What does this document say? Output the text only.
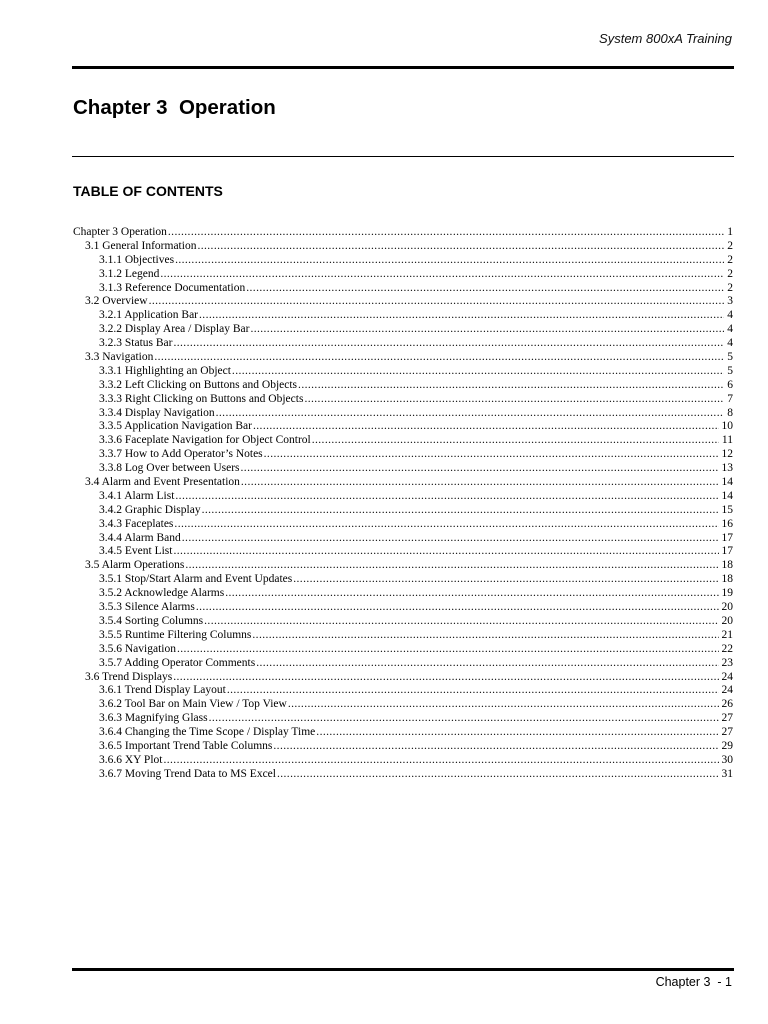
System 800xA Training
Chapter 3  Operation
TABLE OF CONTENTS
Chapter 3 Operation .....	1
3.1 General Information .....	2
3.1.1 Objectives .....	2
3.1.2 Legend .....	2
3.1.3 Reference Documentation .....	2
3.2 Overview .....	3
3.2.1 Application Bar .....	4
3.2.2 Display Area / Display Bar .....	4
3.2.3 Status Bar .....	4
3.3 Navigation .....	5
3.3.1 Highlighting an Object .....	5
3.3.2 Left Clicking on Buttons and Objects .....	6
3.3.3 Right Clicking on Buttons and Objects .....	7
3.3.4 Display Navigation .....	8
3.3.5 Application Navigation Bar .....	10
3.3.6 Faceplate Navigation for Object Control .....	11
3.3.7 How to Add Operator’s Notes .....	12
3.3.8 Log Over between Users .....	13
3.4 Alarm and Event Presentation .....	14
3.4.1 Alarm List .....	14
3.4.2 Graphic Display .....	15
3.4.3 Faceplates .....	16
3.4.4 Alarm Band .....	17
3.4.5 Event List .....	17
3.5 Alarm Operations .....	18
3.5.1 Stop/Start Alarm and Event Updates .....	18
3.5.2 Acknowledge Alarms .....	19
3.5.3 Silence Alarms .....	20
3.5.4 Sorting Columns .....	20
3.5.5 Runtime Filtering Columns .....	21
3.5.6 Navigation .....	22
3.5.7 Adding Operator Comments .....	23
3.6 Trend Displays .....	24
3.6.1 Trend Display Layout .....	24
3.6.2 Tool Bar on Main View / Top View .....	26
3.6.3 Magnifying Glass .....	27
3.6.4 Changing the Time Scope / Display Time .....	27
3.6.5 Important Trend Table Columns .....	29
3.6.6 XY Plot .....	30
3.6.7 Moving Trend Data to MS Excel .....	31
Chapter 3  - 1
